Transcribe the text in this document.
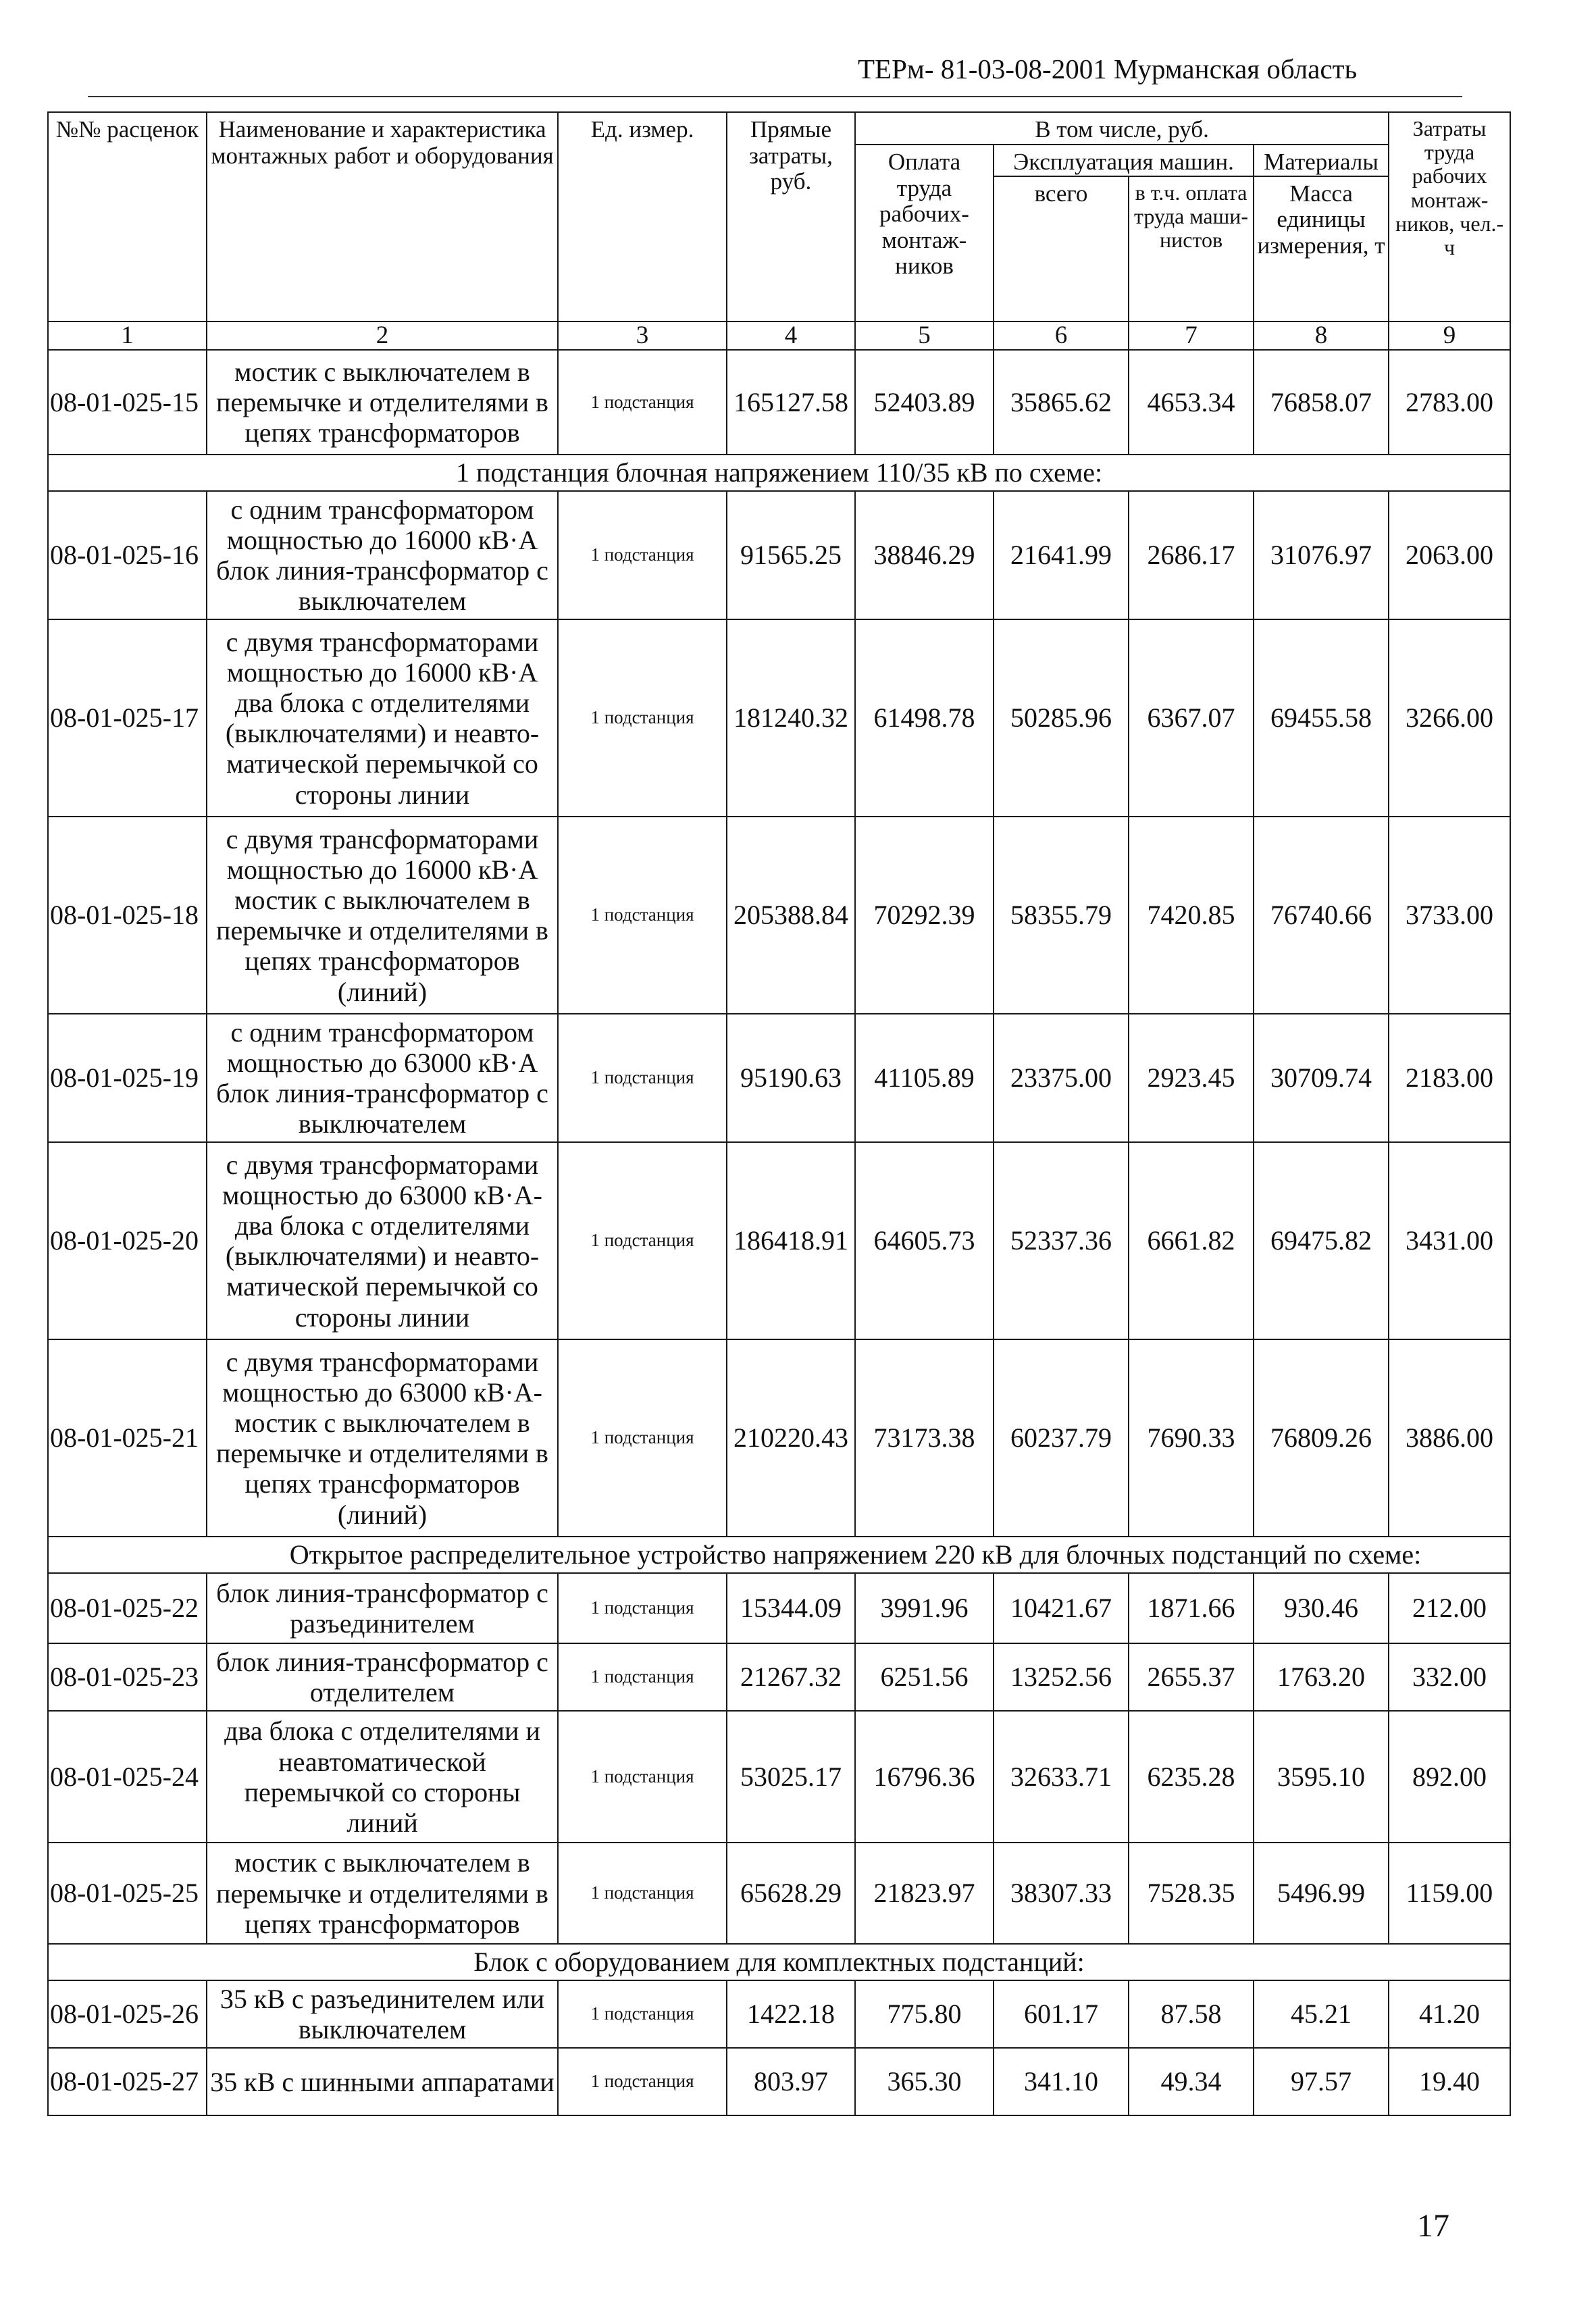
ТЕРм- 81-03-08-2001 Мурманская область
№№ расценок	Наименование и характеристика монтажных работ и оборудования	Ед. измер.	Прямые затраты, руб.	В том числе, руб.				Затраты труда рабочих монтаж-ников, чел.-ч
				Оплата труда рабочих-монтаж-ников	Эксплуатация машин.		Материалы	
					всего	в т.ч. оплата труда маши-нистов	Масса единицы измерения, т	
1	2	3	4	5	6	7	8	9
08-01-025-15	мостик с выключателем в перемычке и отделителями в цепях трансформаторов	1 подстанция	165127.58	52403.89	35865.62	4653.34	76858.07	2783.00
1 подстанция блочная напряжением 110/35 кВ по схеме:								
08-01-025-16	с одним трансформатором мощностью до 16000 кВ·А блок линия-трансформатор с выключателем	1 подстанция	91565.25	38846.29	21641.99	2686.17	31076.97	2063.00
08-01-025-17	с двумя трансформаторами мощностью до 16000 кВ·А два блока с отделителями (выключателями) и неавто-матической перемычкой со стороны линии	1 подстанция	181240.32	61498.78	50285.96	6367.07	69455.58	3266.00
08-01-025-18	с двумя трансформаторами мощностью до 16000 кВ·А мостик с выключателем в перемычке и отделителями в цепях трансформаторов (линий)	1 подстанция	205388.84	70292.39	58355.79	7420.85	76740.66	3733.00
08-01-025-19	с одним трансформатором мощностью до 63000 кВ·А блок линия-трансформатор с выключателем	1 подстанция	95190.63	41105.89	23375.00	2923.45	30709.74	2183.00
08-01-025-20	с двумя трансформаторами мощностью до 63000 кВ·А-два блока с отделителями (выключателями) и неавто-матической перемычкой со стороны линии	1 подстанция	186418.91	64605.73	52337.36	6661.82	69475.82	3431.00
08-01-025-21	с двумя трансформаторами мощностью до 63000 кВ·А-мостик с выключателем в перемычке и отделителями в цепях трансформаторов (линий)	1 подстанция	210220.43	73173.38	60237.79	7690.33	76809.26	3886.00
Открытое распределительное устройство напряжением 220 кВ для блочных подстанций по схеме:								
08-01-025-22	блок линия-трансформатор с разъединителем	1 подстанция	15344.09	3991.96	10421.67	1871.66	930.46	212.00
08-01-025-23	блок линия-трансформатор с отделителем	1 подстанция	21267.32	6251.56	13252.56	2655.37	1763.20	332.00
08-01-025-24	два блока с отделителями и неавтоматической перемычкой со стороны линий	1 подстанция	53025.17	16796.36	32633.71	6235.28	3595.10	892.00
08-01-025-25	мостик с выключателем в перемычке и отделителями в цепях трансформаторов	1 подстанция	65628.29	21823.97	38307.33	7528.35	5496.99	1159.00
Блок с оборудованием для комплектных подстанций:								
08-01-025-26	35 кВ с разъединителем или выключателем	1 подстанция	1422.18	775.80	601.17	87.58	45.21	41.20
08-01-025-27	35 кВ с шинными аппаратами	1 подстанция	803.97	365.30	341.10	49.34	97.57	19.40
17
